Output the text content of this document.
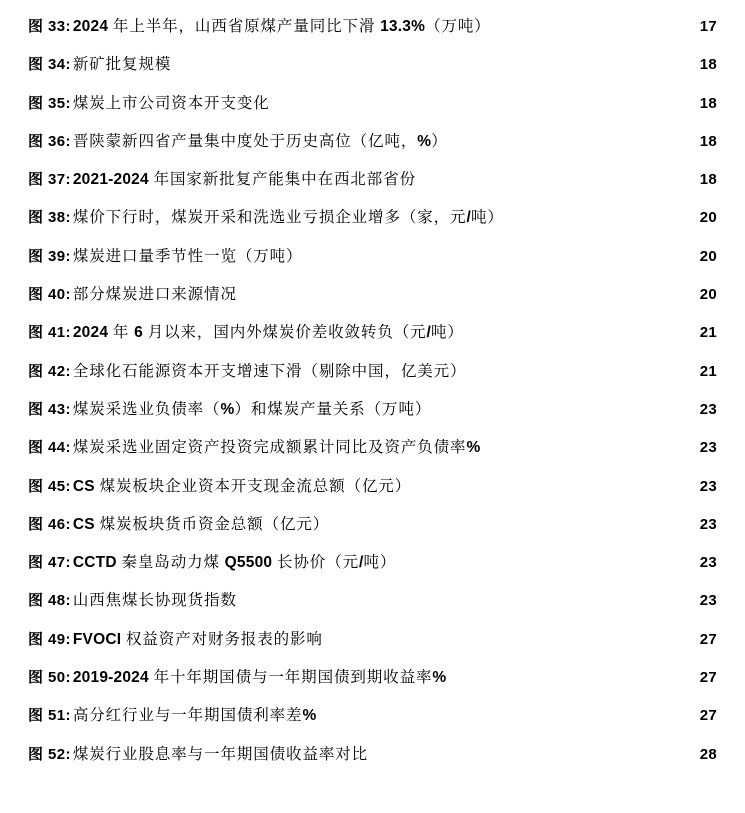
图 33: 2024 年上半年，山西省原煤产量同比下滑 13.3%（万吨） .....	17
图 34: 新矿批复规模 .....	18
图 35: 煤炭上市公司资本开支变化 .....	18
图 36: 晋陕蒙新四省产量集中度处于历史高位（亿吨，%） .....	18
图 37: 2021-2024 年国家新批复产能集中在西北部省份 .....	18
图 38: 煤价下行时，煤炭开采和洗选业亏损企业增多（家，元/吨） .....	20
图 39: 煤炭进口量季节性一览（万吨） .....	20
图 40: 部分煤炭进口来源情况 .....	20
图 41: 2024 年 6 月以来，国内外煤炭价差收敛转负（元/吨） .....	21
图 42: 全球化石能源资本开支增速下滑（剔除中国，亿美元） .....	21
图 43: 煤炭采选业负债率（%）和煤炭产量关系（万吨） .....	23
图 44: 煤炭采选业固定资产投资完成额累计同比及资产负债率% .....	23
图 45: CS 煤炭板块企业资本开支现金流总额（亿元） .....	23
图 46: CS 煤炭板块货币资金总额（亿元） .....	23
图 47: CCTD 秦皇岛动力煤 Q5500 长协价（元/吨） .....	23
图 48: 山西焦煤长协现货指数 .....	23
图 49: FVOCI 权益资产对财务报表的影响 .....	27
图 50: 2019-2024 年十年期国债与一年期国债到期收益率% .....	27
图 51: 高分红行业与一年期国债利率差% .....	27
图 52: 煤炭行业股息率与一年期国债收益率对比 .....	28
